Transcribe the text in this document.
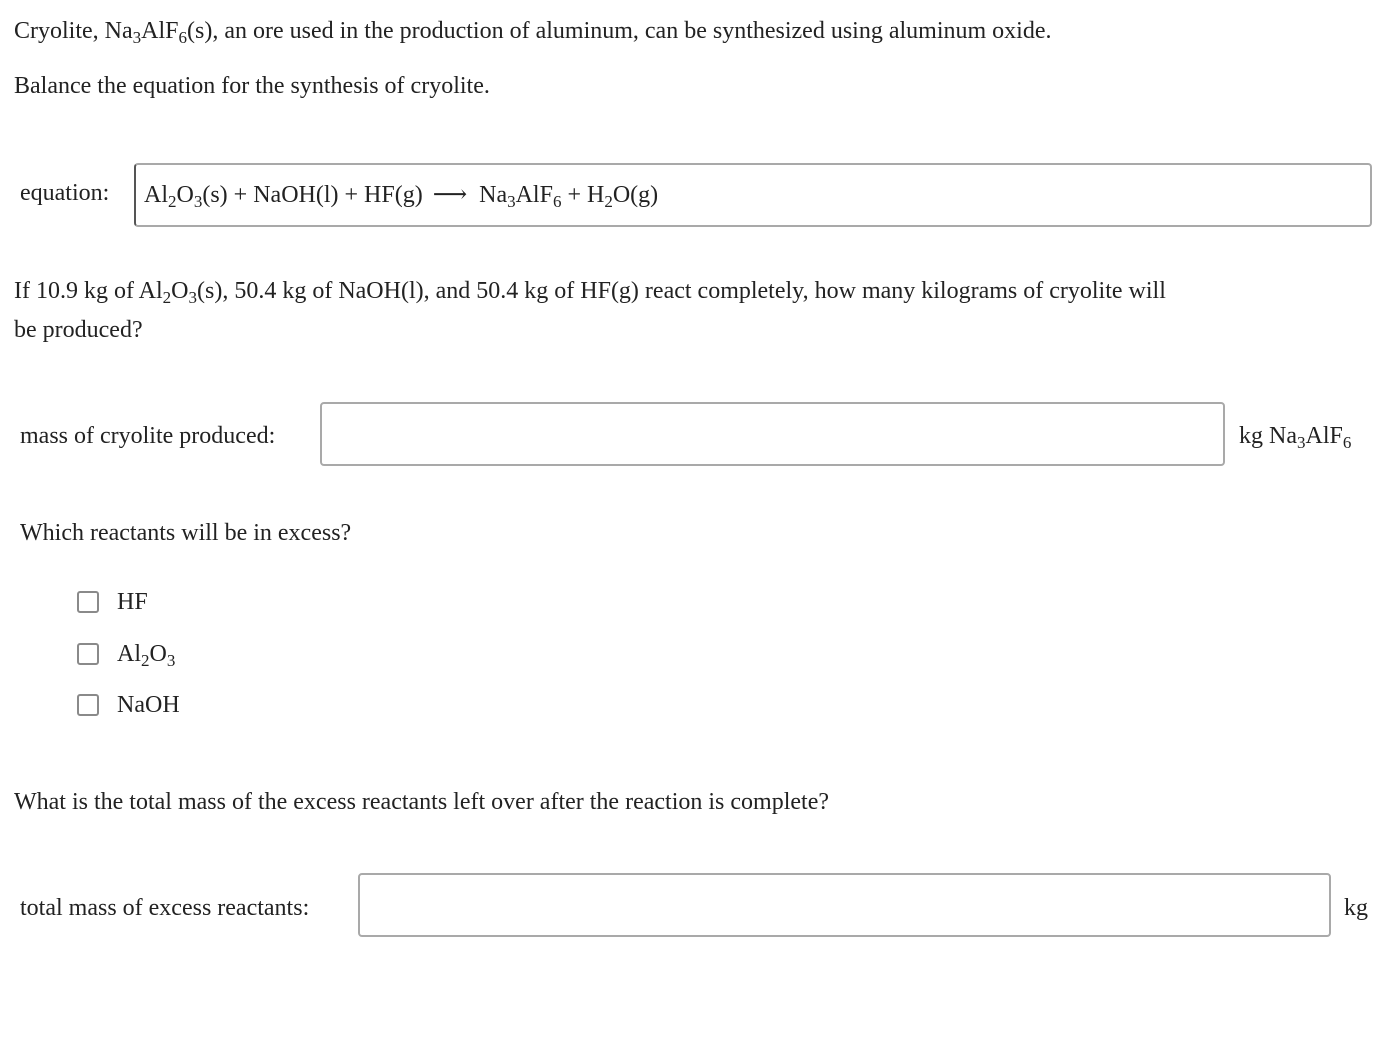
Cryolite, $Na_3AlF_6(s)$, an ore used in the production of aluminum, can be synthesized using aluminum oxide.
Balance the equation for the synthesis of cryolite.
equation: $Al_2O_3(s)$ + NaOH(l) + HF(g) ⟶ $Na_3AlF_6 + H_2O(g)$
If 10.9 kg of $Al_2O_3(s)$, 50.4 kg of NaOH(l), and 50.4 kg of HF(g) react completely, how many kilograms of cryolite will
be produced?
mass of cryolite produced:	kg $Na_3AlF_6$
Which reactants will be in excess?
HF
$Al_2O_3$
NaOH
What is the total mass of the excess reactants left over after the reaction is complete?
total mass of excess reactants:	kg
